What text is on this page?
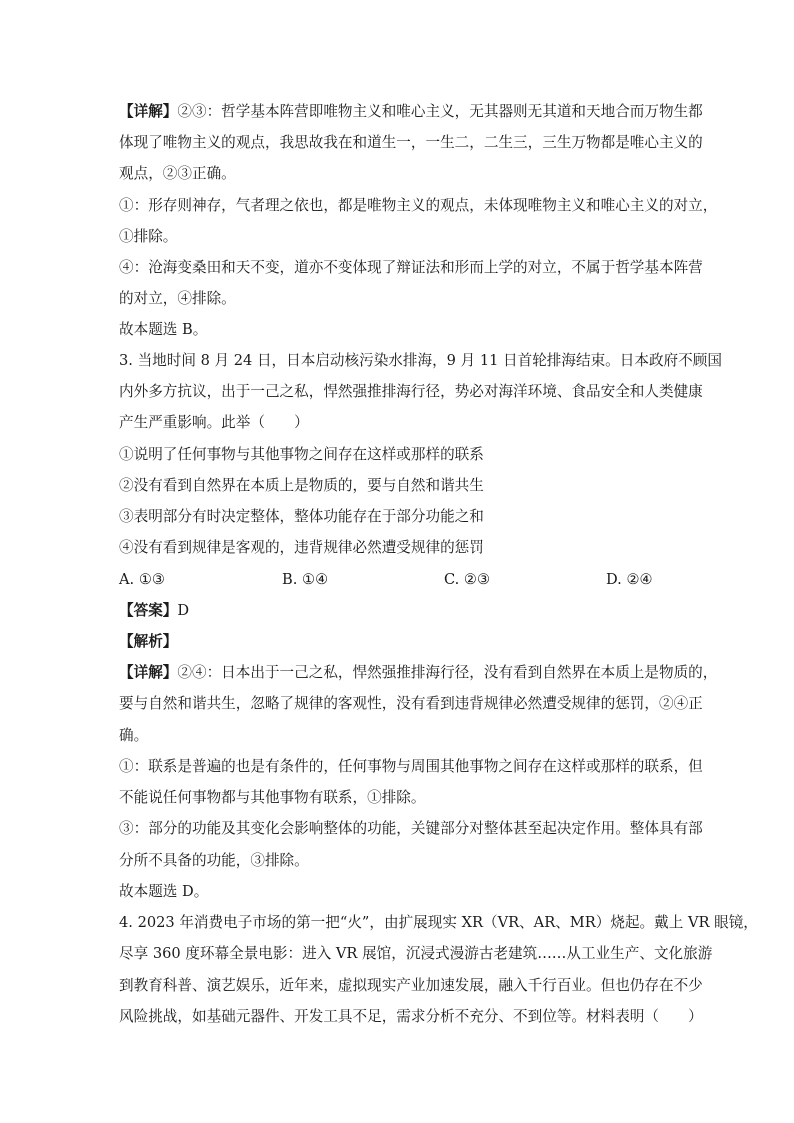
【详解】②③：哲学基本阵营即唯物主义和唯心主义，无其器则无其道和天地合而万物生都
体现了唯物主义的观点，我思故我在和道生一，一生二，二生三，三生万物都是唯心主义的
观点，②③正确。
①：形存则神存，气者理之依也，都是唯物主义的观点，未体现唯物主义和唯心主义的对立，
①排除。
④：沧海变桑田和天不变，道亦不变体现了辩证法和形而上学的对立，不属于哲学基本阵营
的对立，④排除。
故本题选 B。
3. 当地时间 8 月 24 日，日本启动核污染水排海，9 月 11 日首轮排海结束。日本政府不顾国
内外多方抗议，出于一己之私，悍然强推排海行径，势必对海洋环境、食品安全和人类健康
产生严重影响。此举（　　）
①说明了任何事物与其他事物之间存在这样或那样的联系
②没有看到自然界在本质上是物质的，要与自然和谐共生
③表明部分有时决定整体，整体功能存在于部分功能之和
④没有看到规律是客观的，违背规律必然遭受规律的惩罚
A. ①③	B. ①④	C. ②③	D. ②④
【答案】D
【解析】
【详解】②④：日本出于一己之私，悍然强推排海行径，没有看到自然界在本质上是物质的，
要与自然和谐共生，忽略了规律的客观性，没有看到违背规律必然遭受规律的惩罚，②④正
确。
①：联系是普遍的也是有条件的，任何事物与周围其他事物之间存在这样或那样的联系，但
不能说任何事物都与其他事物有联系，①排除。
③：部分的功能及其变化会影响整体的功能，关键部分对整体甚至起决定作用。整体具有部
分所不具备的功能，③排除。
故本题选 D。
4. 2023 年消费电子市场的第一把“火”，由扩展现实 XR（VR、AR、MR）烧起。戴上 VR 眼镜，
尽享 360 度环幕全景电影：进入 VR 展馆，沉浸式漫游古老建筑……从工业生产、文化旅游
到教育科普、演艺娱乐，近年来，虚拟现实产业加速发展，融入千行百业。但也仍存在不少
风险挑战，如基础元器件、开发工具不足，需求分析不充分、不到位等。材料表明（　　）
